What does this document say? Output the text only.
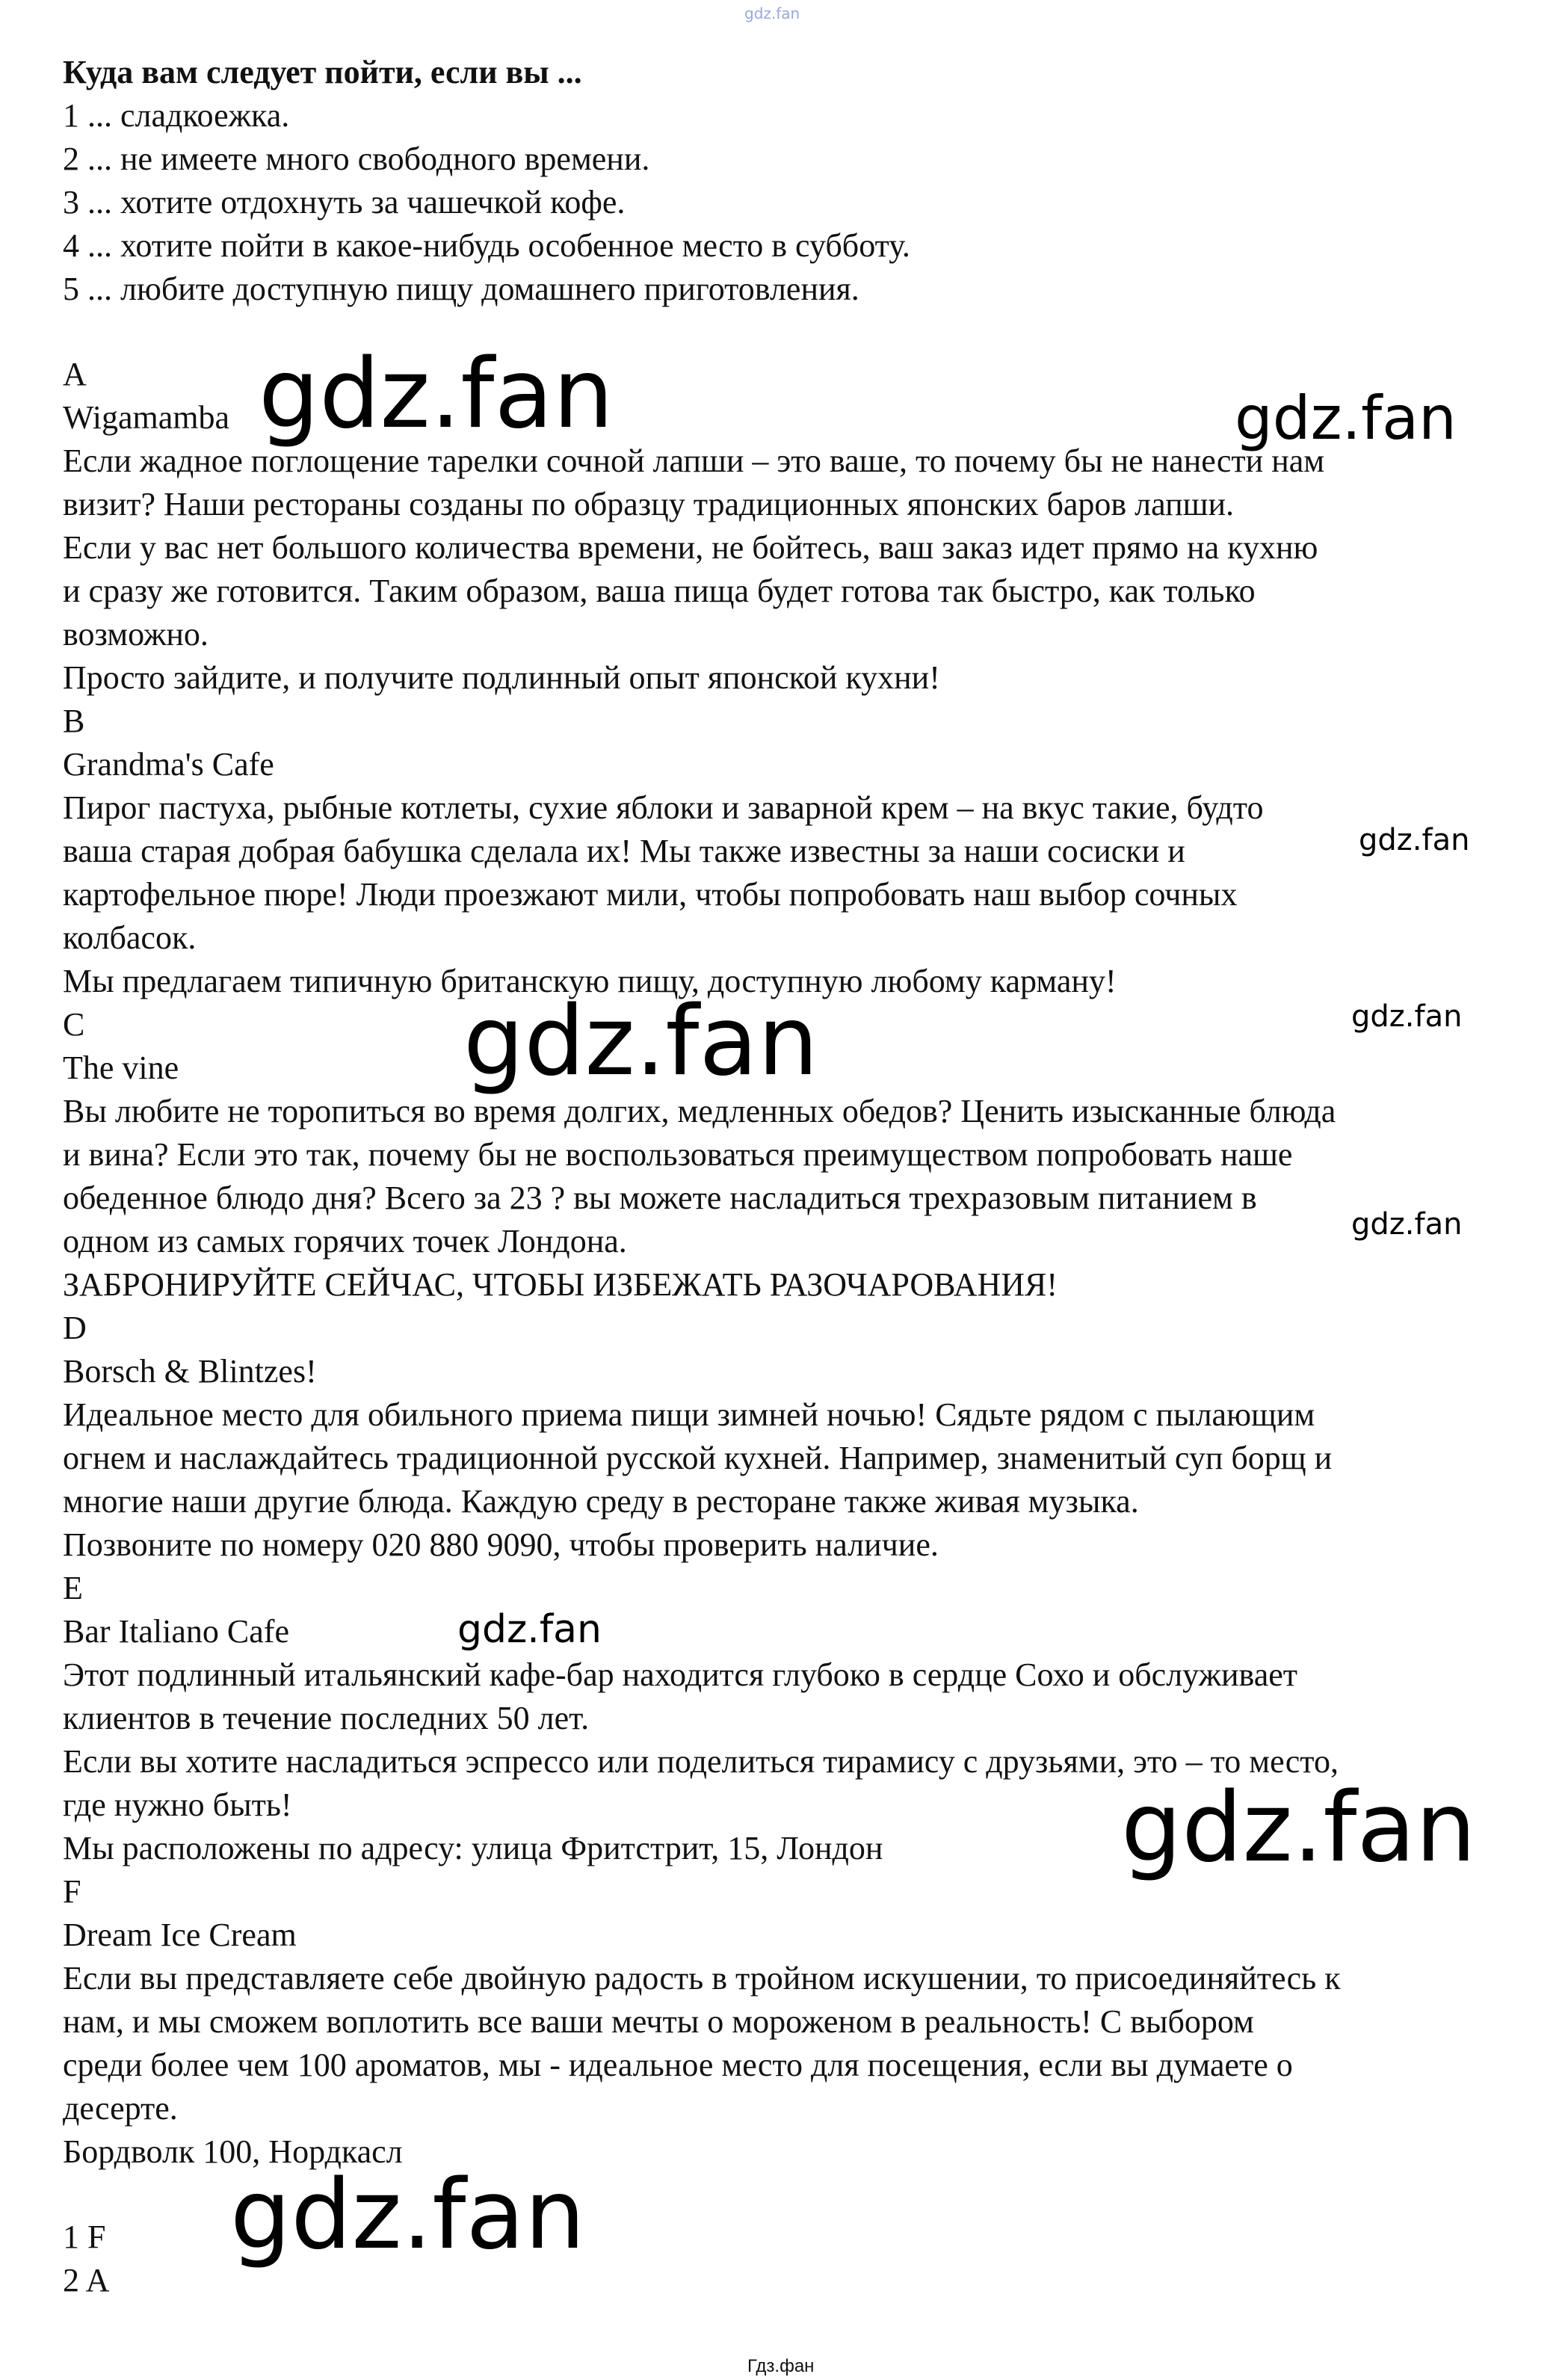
gdz.fan
Куда вам следует пойти, если вы ...
1 ... сладкоежка.
2 ... не имеете много свободного времени.
3 ... хотите отдохнуть за чашечкой кофе.
4 ... хотите пойти в какое-нибудь особенное место в субботу.
5 ... любите доступную пищу домашнего приготовления.
A
Wigamamba
Если жадное поглощение тарелки сочной лапши – это ваше, то почему бы не нанести нам
визит? Наши рестораны созданы по образцу традиционных японских баров лапши.
Если у вас нет большого количества времени, не бойтесь, ваш заказ идет прямо на кухню
и сразу же готовится. Таким образом, ваша пища будет готова так быстро, как только
возможно.
Просто зайдите, и получите подлинный опыт японской кухни!
B
Grandma's Cafe
Пирог пастуха, рыбные котлеты, сухие яблоки и заварной крем – на вкус такие, будто
ваша старая добрая бабушка сделала их! Мы также известны за наши сосиски и
картофельное пюре! Люди проезжают мили, чтобы попробовать наш выбор сочных
колбасок.
Мы предлагаем типичную британскую пищу, доступную любому карману!
C
The vine
Вы любите не торопиться во время долгих, медленных обедов? Ценить изысканные блюда
и вина? Если это так, почему бы не воспользоваться преимуществом попробовать наше
обеденное блюдо дня? Всего за 23 ? вы можете насладиться трехразовым питанием в
одном из самых горячих точек Лондона.
ЗАБРОНИРУЙТЕ СЕЙЧАС, ЧТОБЫ ИЗБЕЖАТЬ РАЗОЧАРОВАНИЯ!
D
Borsch & Blintzes!
Идеальное место для обильного приема пищи зимней ночью! Сядьте рядом с пылающим
огнем и наслаждайтесь традиционной русской кухней. Например, знаменитый суп борщ и
многие наши другие блюда. Каждую среду в ресторане также живая музыка.
Позвоните по номеру 020 880 9090, чтобы проверить наличие.
E
Bar Italiano Cafe
Этот подлинный итальянский кафе-бар находится глубоко в сердце Сохо и обслуживает
клиентов в течение последних 50 лет.
Если вы хотите насладиться эспрессо или поделиться тирамису с друзьями, это – то место,
где нужно быть!
Мы расположены по адресу: улица Фритстрит, 15, Лондон
F
Dream Ice Cream
Если вы представляете себе двойную радость в тройном искушении, то присоединяйтесь к
нам, и мы сможем воплотить все ваши мечты о мороженом в реальность! С выбором
среди более чем 100 ароматов, мы - идеальное место для посещения, если вы думаете о
десерте.
Бордволк 100, Нордкасл
1 F
2 A
gdz.fan	gdz.fan
gdz.fan
gdz.fan
gdz.fan
gdz.fan
gdz.fan
gdz.fan
gdz.fan
Гдз.фан
